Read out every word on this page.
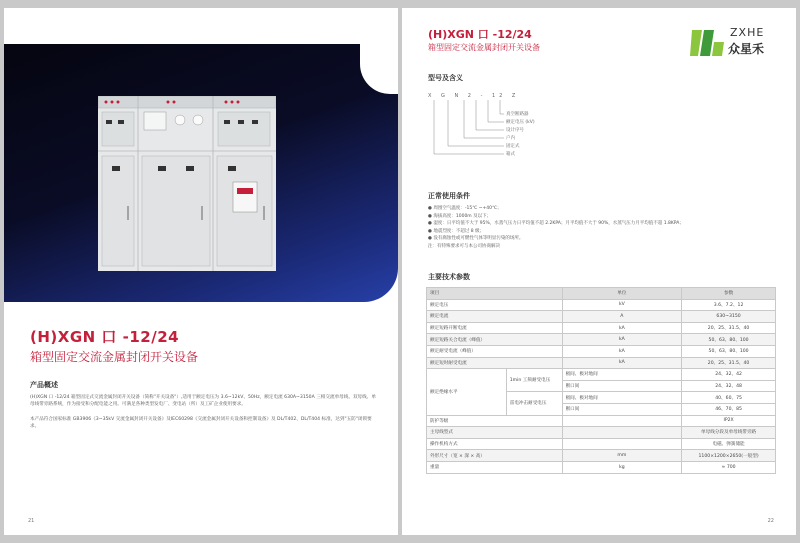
(H)XGN 口 -12/24
箱型固定交流金属封闭开关设备
产品概述
(H)XGN 口 -12/24 箱型固定式交流金属封闭开关设备（简称"开关设备"）,适用于额定电压为 3.6~12kV、50Hz，额定电流 630A~3150A 三相交流单母线、双母线、单母线带旁路系统，作为接受和分配电能之用。可满足各种类型发电厂、变电站（所）及工矿企业使用要求。
本产品符合国家标准 GB3906《3~35kV 交流金属封闭开关设备》及IEC60298《交流金属封闭开关设备和控制设备》及 DL/T402、DL/T404 标准，达到"五防"闭锁要求。
21
(H)XGN 口 -12/24
箱型固定交流金属封闭开关设备
ZXHE
众星禾
型号及含义
X G N 2 - 12 Z
真空断路器
额定电压 (kV)
设计序号
户内
固定式
箱式
正常使用条件
● 周围空气温度：-15℃ ~+40℃；
● 海拔高度：1000m 及以下；
● 湿度：日平均值不大于 95%，水蒸气压力日平均值不超 2.2KPA；月平均值不大于 90%，水蒸气压力月平均值不超 1.8KPA；
● 地震烈度：不超过 8 级；
● 没有腐蚀性或可燃性气体等明显污染的场所。
注：有特殊要求可与本公司协商解决
主要技术参数
项目		单位	参数
额定电压		kV	3.6、7.2、12
额定电流		A	630~3150
额定短路开断电流		kA	20、25、31.5、40
额定短路关合电流（峰值）		kA	50、63、80、100
额定耐受电流（峰值）		kA	50、63、80、100
额定短时耐受电流		kA	20、25、31.5、40
额定绝缘水平	1min 工频耐受电压	极间、极对地间	24、32、42
		断口间	24、32、48
	雷电冲击耐受电压	极间、极对地间	40、60、75
		断口间	46、70、85
防护等级			IP2X
主母线型式			单母线分段及单母线带旁路
操作机构方式			电磁、弹簧储能
外形尺寸（宽 × 深 × 高）		mm	1100×1200×2650(一般型)
重量		kg	≈ 700
22
